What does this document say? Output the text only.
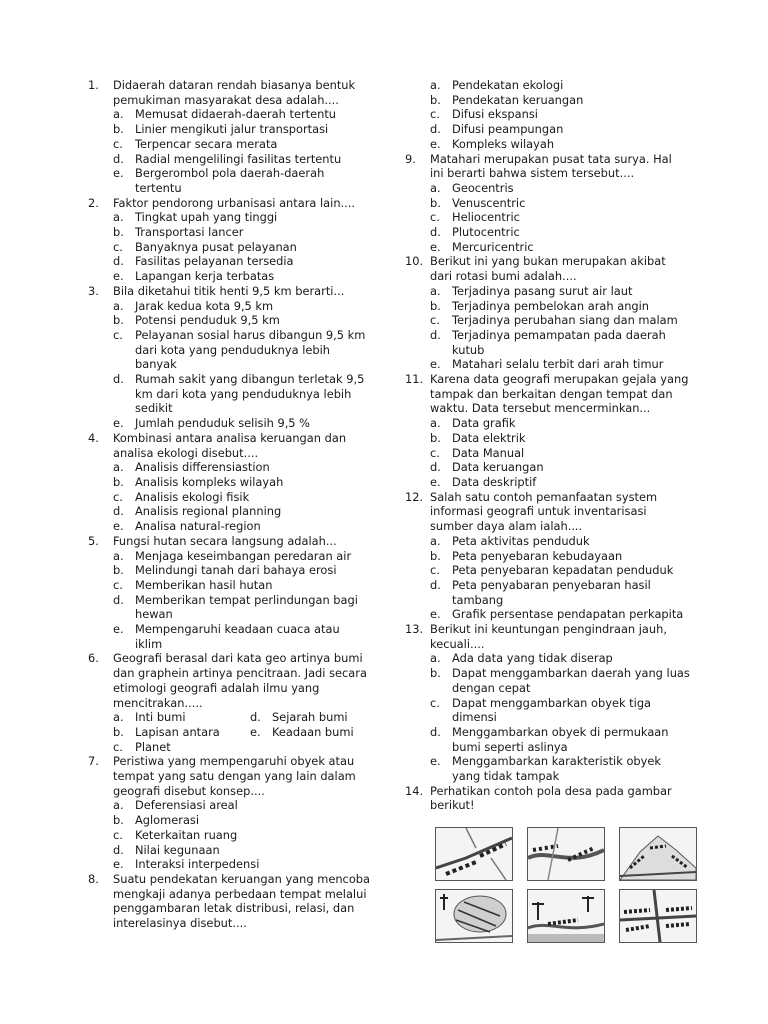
1. Didaerah dataran rendah biasanya bentuk
pemukiman masyarakat desa adalah....
a. Memusat didaerah-daerah tertentu
b. Linier mengikuti jalur transportasi
c. Terpencar secara merata
d. Radial mengelilingi fasilitas tertentu
e. Bergerombol pola daerah-daerah
tertentu
2. Faktor pendorong urbanisasi antara lain....
a. Tingkat upah yang tinggi
b. Transportasi lancer
c. Banyaknya pusat pelayanan
d. Fasilitas pelayanan tersedia
e. Lapangan kerja terbatas
3. Bila diketahui titik henti 9,5 km berarti...
a. Jarak kedua kota 9,5 km
b. Potensi penduduk 9,5 km
c. Pelayanan sosial harus dibangun 9,5 km
dari kota yang penduduknya lebih
banyak
d. Rumah sakit yang dibangun terletak 9,5
km dari kota yang penduduknya lebih
sedikit
e. Jumlah penduduk selisih 9,5 %
4. Kombinasi antara analisa keruangan dan
analisa ekologi disebut....
a. Analisis differensiastion
b. Analisis kompleks wilayah
c. Analisis ekologi fisik
d. Analisis regional planning
e. Analisa natural-region
5. Fungsi hutan secara langsung adalah...
a. Menjaga keseimbangan peredaran air
b. Melindungi tanah dari bahaya erosi
c. Memberikan hasil hutan
d. Memberikan tempat perlindungan bagi
hewan
e. Mempengaruhi keadaan cuaca atau
iklim
6. Geografi berasal dari kata geo artinya bumi
dan graphein artinya pencitraan. Jadi secara
etimologi geografi adalah ilmu yang
mencitrakan.....
a. Inti bumi	d. Sejarah bumi
b. Lapisan antara	e. Keadaan bumi
c. Planet
7. Peristiwa yang mempengaruhi obyek atau
tempat yang satu dengan yang lain dalam
geografi disebut konsep....
a. Deferensiasi areal
b. Aglomerasi
c. Keterkaitan ruang
d. Nilai kegunaan
e. Interaksi interpedensi
8. Suatu pendekatan keruangan yang mencoba
mengkaji adanya perbedaan tempat melalui
penggambaran letak distribusi, relasi, dan
interelasinya disebut....
a. Pendekatan ekologi
b. Pendekatan keruangan
c. Difusi ekspansi
d. Difusi peampungan
e. Kompleks wilayah
9. Matahari merupakan pusat tata surya. Hal
ini berarti bahwa sistem tersebut....
a. Geocentris
b. Venuscentric
c. Heliocentric
d. Plutocentric
e. Mercuricentric
10. Berikut ini yang bukan merupakan akibat
dari rotasi bumi adalah....
a. Terjadinya pasang surut air laut
b. Terjadinya pembelokan arah angin
c. Terjadinya perubahan siang dan malam
d. Terjadinya pemampatan pada daerah
kutub
e. Matahari selalu terbit dari arah timur
11. Karena data geografi merupakan gejala yang
tampak dan berkaitan dengan tempat dan
waktu. Data tersebut mencerminkan...
a. Data grafik
b. Data elektrik
c. Data Manual
d. Data keruangan
e. Data deskriptif
12. Salah satu contoh pemanfaatan system
informasi geografi untuk inventarisasi
sumber daya alam ialah....
a. Peta aktivitas penduduk
b. Peta penyebaran kebudayaan
c. Peta penyebaran kepadatan penduduk
d. Peta penyabaran penyebaran hasil
tambang
e. Grafik persentase pendapatan perkapita
13. Berikut ini keuntungan pengindraan jauh,
kecuali....
a. Ada data yang tidak diserap
b. Dapat menggambarkan daerah yang luas
dengan cepat
c. Dapat menggambarkan obyek tiga
dimensi
d. Menggambarkan obyek di permukaan
bumi seperti aslinya
e. Menggambarkan karakteristik obyek
yang tidak tampak
14. Perhatikan contoh pola desa pada gambar
berikut!
